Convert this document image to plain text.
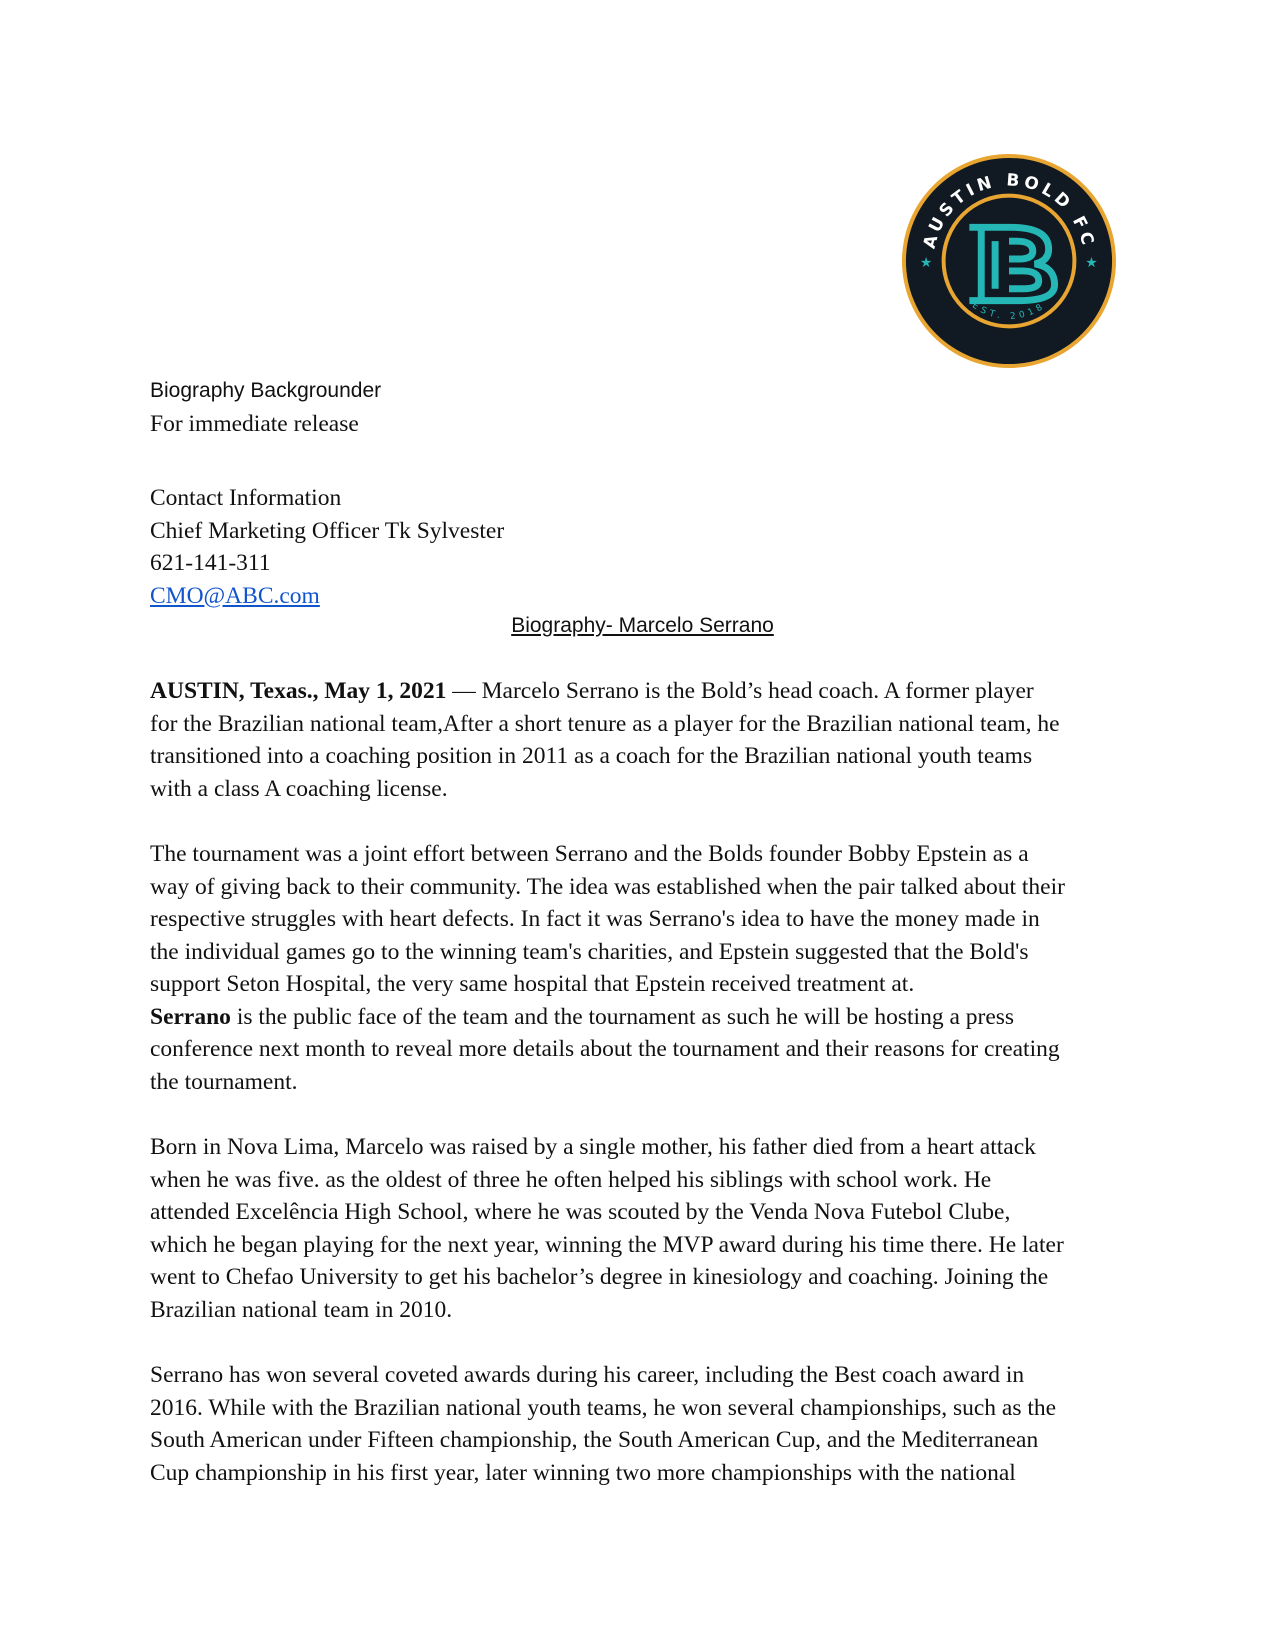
AUSTIN BOLD FC
EST. 2018
★	★
Biography Backgrounder
For immediate release
Contact Information
Chief Marketing Officer Tk Sylvester
621-141-311
CMO@ABC.com
Biography- Marcelo Serrano

AUSTIN, Texas., May 1, 2021 — Marcelo Serrano is the Bold’s head coach. A former player
for the Brazilian national team,After a short tenure as a player for the Brazilian national team, he
transitioned into a coaching position in 2011 as a coach for the Brazilian national youth teams
with a class A coaching license.

The tournament was a joint effort between Serrano and the Bolds founder Bobby Epstein as a
way of giving back to their community. The idea was established when the pair talked about their
respective struggles with heart defects. In fact it was Serrano's idea to have the money made in
the individual games go to the winning team's charities, and Epstein suggested that the Bold's
support Seton Hospital, the very same hospital that Epstein received treatment at.
Serrano is the public face of the team and the tournament as such he will be hosting a press
conference next month to reveal more details about the tournament and their reasons for creating
the tournament.

Born in Nova Lima, Marcelo was raised by a single mother, his father died from a heart attack
when he was five. as the oldest of three he often helped his siblings with school work. He
attended Excelência High School, where he was scouted by the Venda Nova Futebol Clube,
which he began playing for the next year, winning the MVP award during his time there. He later
went to Chefao University to get his bachelor’s degree in kinesiology and coaching. Joining the
Brazilian national team in 2010.

Serrano has won several coveted awards during his career, including the Best coach award in
2016. While with the Brazilian national youth teams, he won several championships, such as the
South American under Fifteen championship, the South American Cup, and the Mediterranean
Cup championship in his first year, later winning two more championships with the national
